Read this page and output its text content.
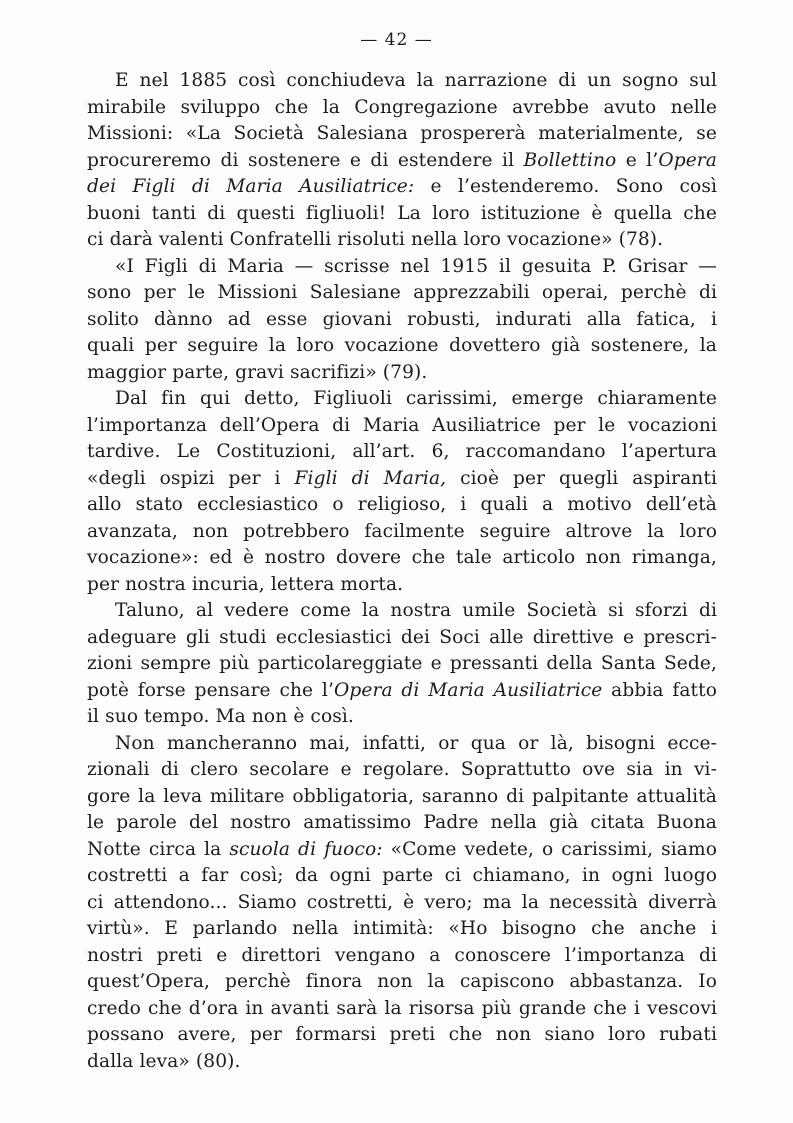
— 42 —
E nel 1885 così conchiudeva la narrazione di un sogno sul
mirabile sviluppo che la Congregazione avrebbe avuto nelle
Missioni: «La Società Salesiana prospererà materialmente, se
procureremo di sostenere e di estendere il Bollettino e l’Opera
dei Figli di Maria Ausiliatrice: e l’estenderemo. Sono così
buoni tanti di questi figliuoli! La loro istituzione è quella che
ci darà valenti Confratelli risoluti nella loro vocazione» (78).
«I Figli di Maria — scrisse nel 1915 il gesuita P. Grisar —
sono per le Missioni Salesiane apprezzabili operai, perchè di
solito dànno ad esse giovani robusti, indurati alla fatica, i
quali per seguire la loro vocazione dovettero già sostenere, la
maggior parte, gravi sacrifizi» (79).
Dal fin qui detto, Figliuoli carissimi, emerge chiaramente
l’importanza dell’Opera di Maria Ausiliatrice per le vocazioni
tardive. Le Costituzioni, all’art. 6, raccomandano l’apertura
«degli ospizi per i Figli di Maria, cioè per quegli aspiranti
allo stato ecclesiastico o religioso, i quali a motivo dell’età
avanzata, non potrebbero facilmente seguire altrove la loro
vocazione»: ed è nostro dovere che tale articolo non rimanga,
per nostra incuria, lettera morta.
Taluno, al vedere come la nostra umile Società si sforzi di
adeguare gli studi ecclesiastici dei Soci alle direttive e prescri-
zioni sempre più particolareggiate e pressanti della Santa Sede,
potè forse pensare che l’Opera di Maria Ausiliatrice abbia fatto
il suo tempo. Ma non è così.
Non mancheranno mai, infatti, or qua or là, bisogni ecce-
zionali di clero secolare e regolare. Soprattutto ove sia in vi-
gore la leva militare obbligatoria, saranno di palpitante attualità
le parole del nostro amatissimo Padre nella già citata Buona
Notte circa la scuola di fuoco: «Come vedete, o carissimi, siamo
costretti a far così; da ogni parte ci chiamano, in ogni luogo
ci attendono... Siamo costretti, è vero; ma la necessità diverrà
virtù». E parlando nella intimità: «Ho bisogno che anche i
nostri preti e direttori vengano a conoscere l’importanza di
quest’Opera, perchè finora non la capiscono abbastanza. Io
credo che d’ora in avanti sarà la risorsa più grande che i vescovi
possano avere, per formarsi preti che non siano loro rubati
dalla leva» (80).
